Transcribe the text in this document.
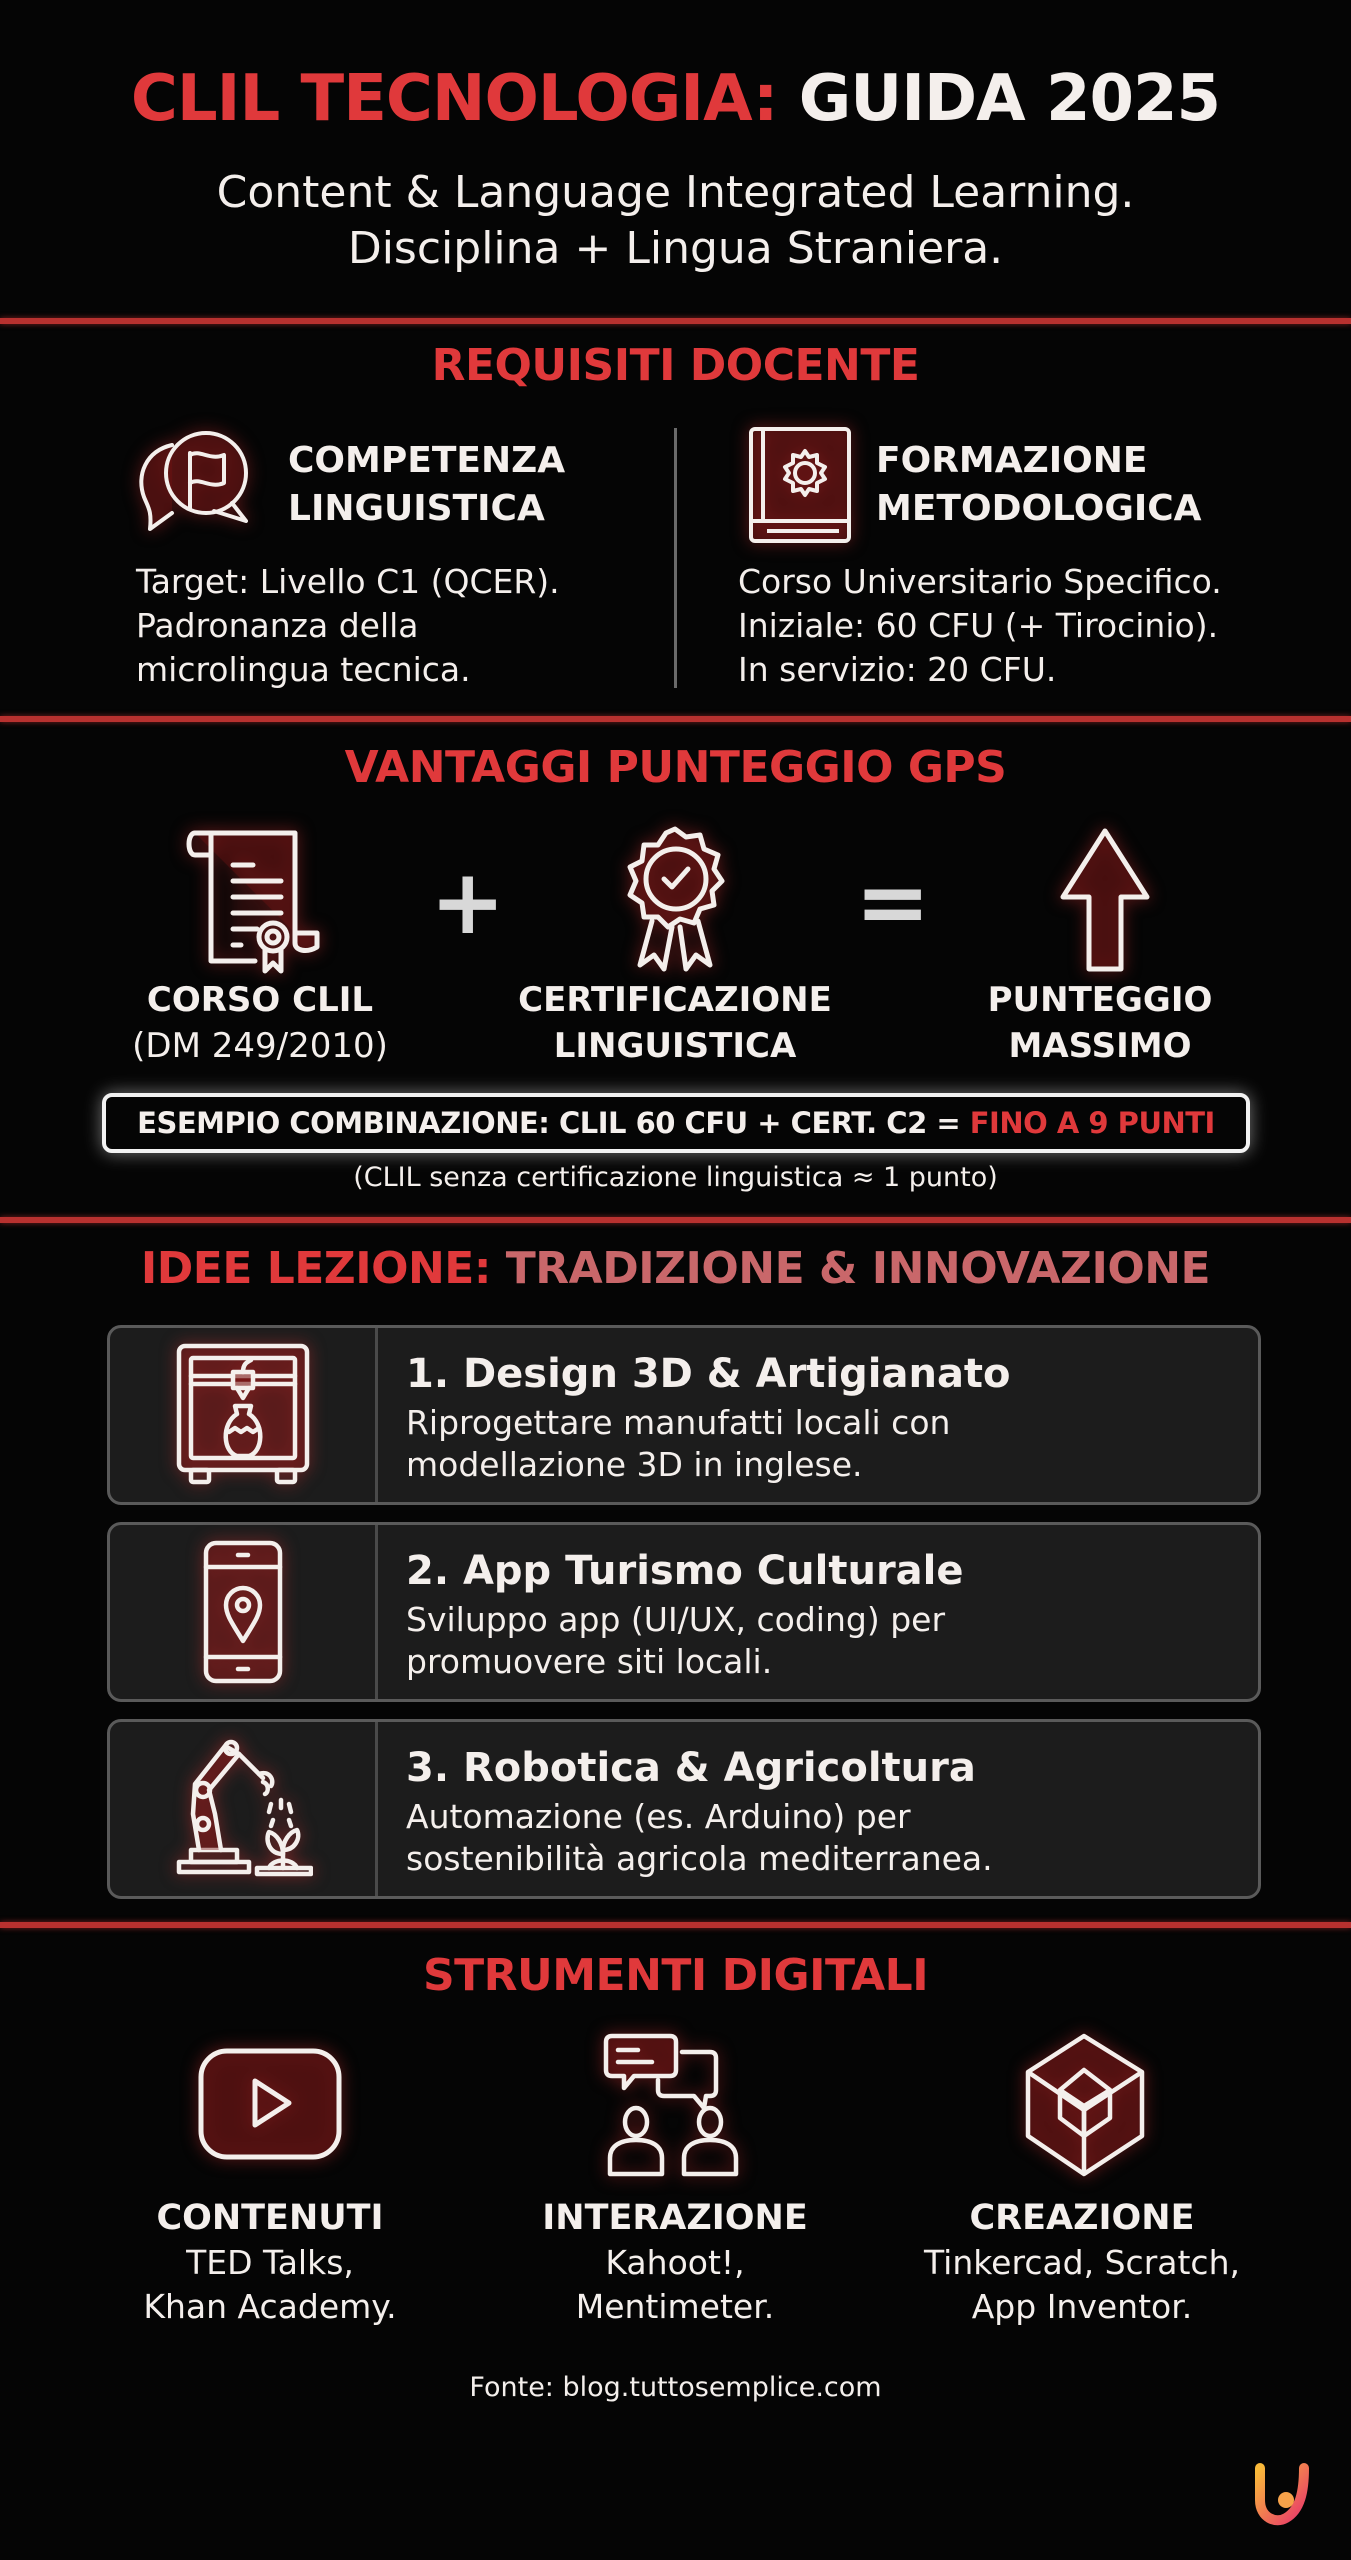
CLIL TECNOLOGIA: GUIDA 2025
Content & Language Integrated Learning.
Disciplina + Lingua Straniera.
REQUISITI DOCENTE
COMPETENZA
LINGUISTICA
Target: Livello C1 (QCER).
Padronanza della
microlingua tecnica.
FORMAZIONE
METODOLOGICA
Corso Universitario Specifico.
Iniziale: 60 CFU (+ Tirocinio).
In servizio: 20 CFU.
VANTAGGI PUNTEGGIO GPS
+	=
CORSO CLIL
(DM 249/2010)
CERTIFICAZIONE
LINGUISTICA
PUNTEGGIO
MASSIMO
ESEMPIO COMBINAZIONE: CLIL 60 CFU + CERT. C2 = FINO A 9 PUNTI
(CLIL senza certificazione linguistica ≈ 1 punto)
IDEE LEZIONE: TRADIZIONE & INNOVAZIONE
1. Design 3D & Artigianato
Riprogettare manufatti locali con
modellazione 3D in inglese.
2. App Turismo Culturale
Sviluppo app (UI/UX, coding) per
promuovere siti locali.
3. Robotica & Agricoltura
Automazione (es. Arduino) per
sostenibilità agricola mediterranea.
STRUMENTI DIGITALI
CONTENUTI
TED Talks,
Khan Academy.
INTERAZIONE
Kahoot!,
Mentimeter.
CREAZIONE
Tinkercad, Scratch,
App Inventor.
Fonte: blog.tuttosemplice.com
